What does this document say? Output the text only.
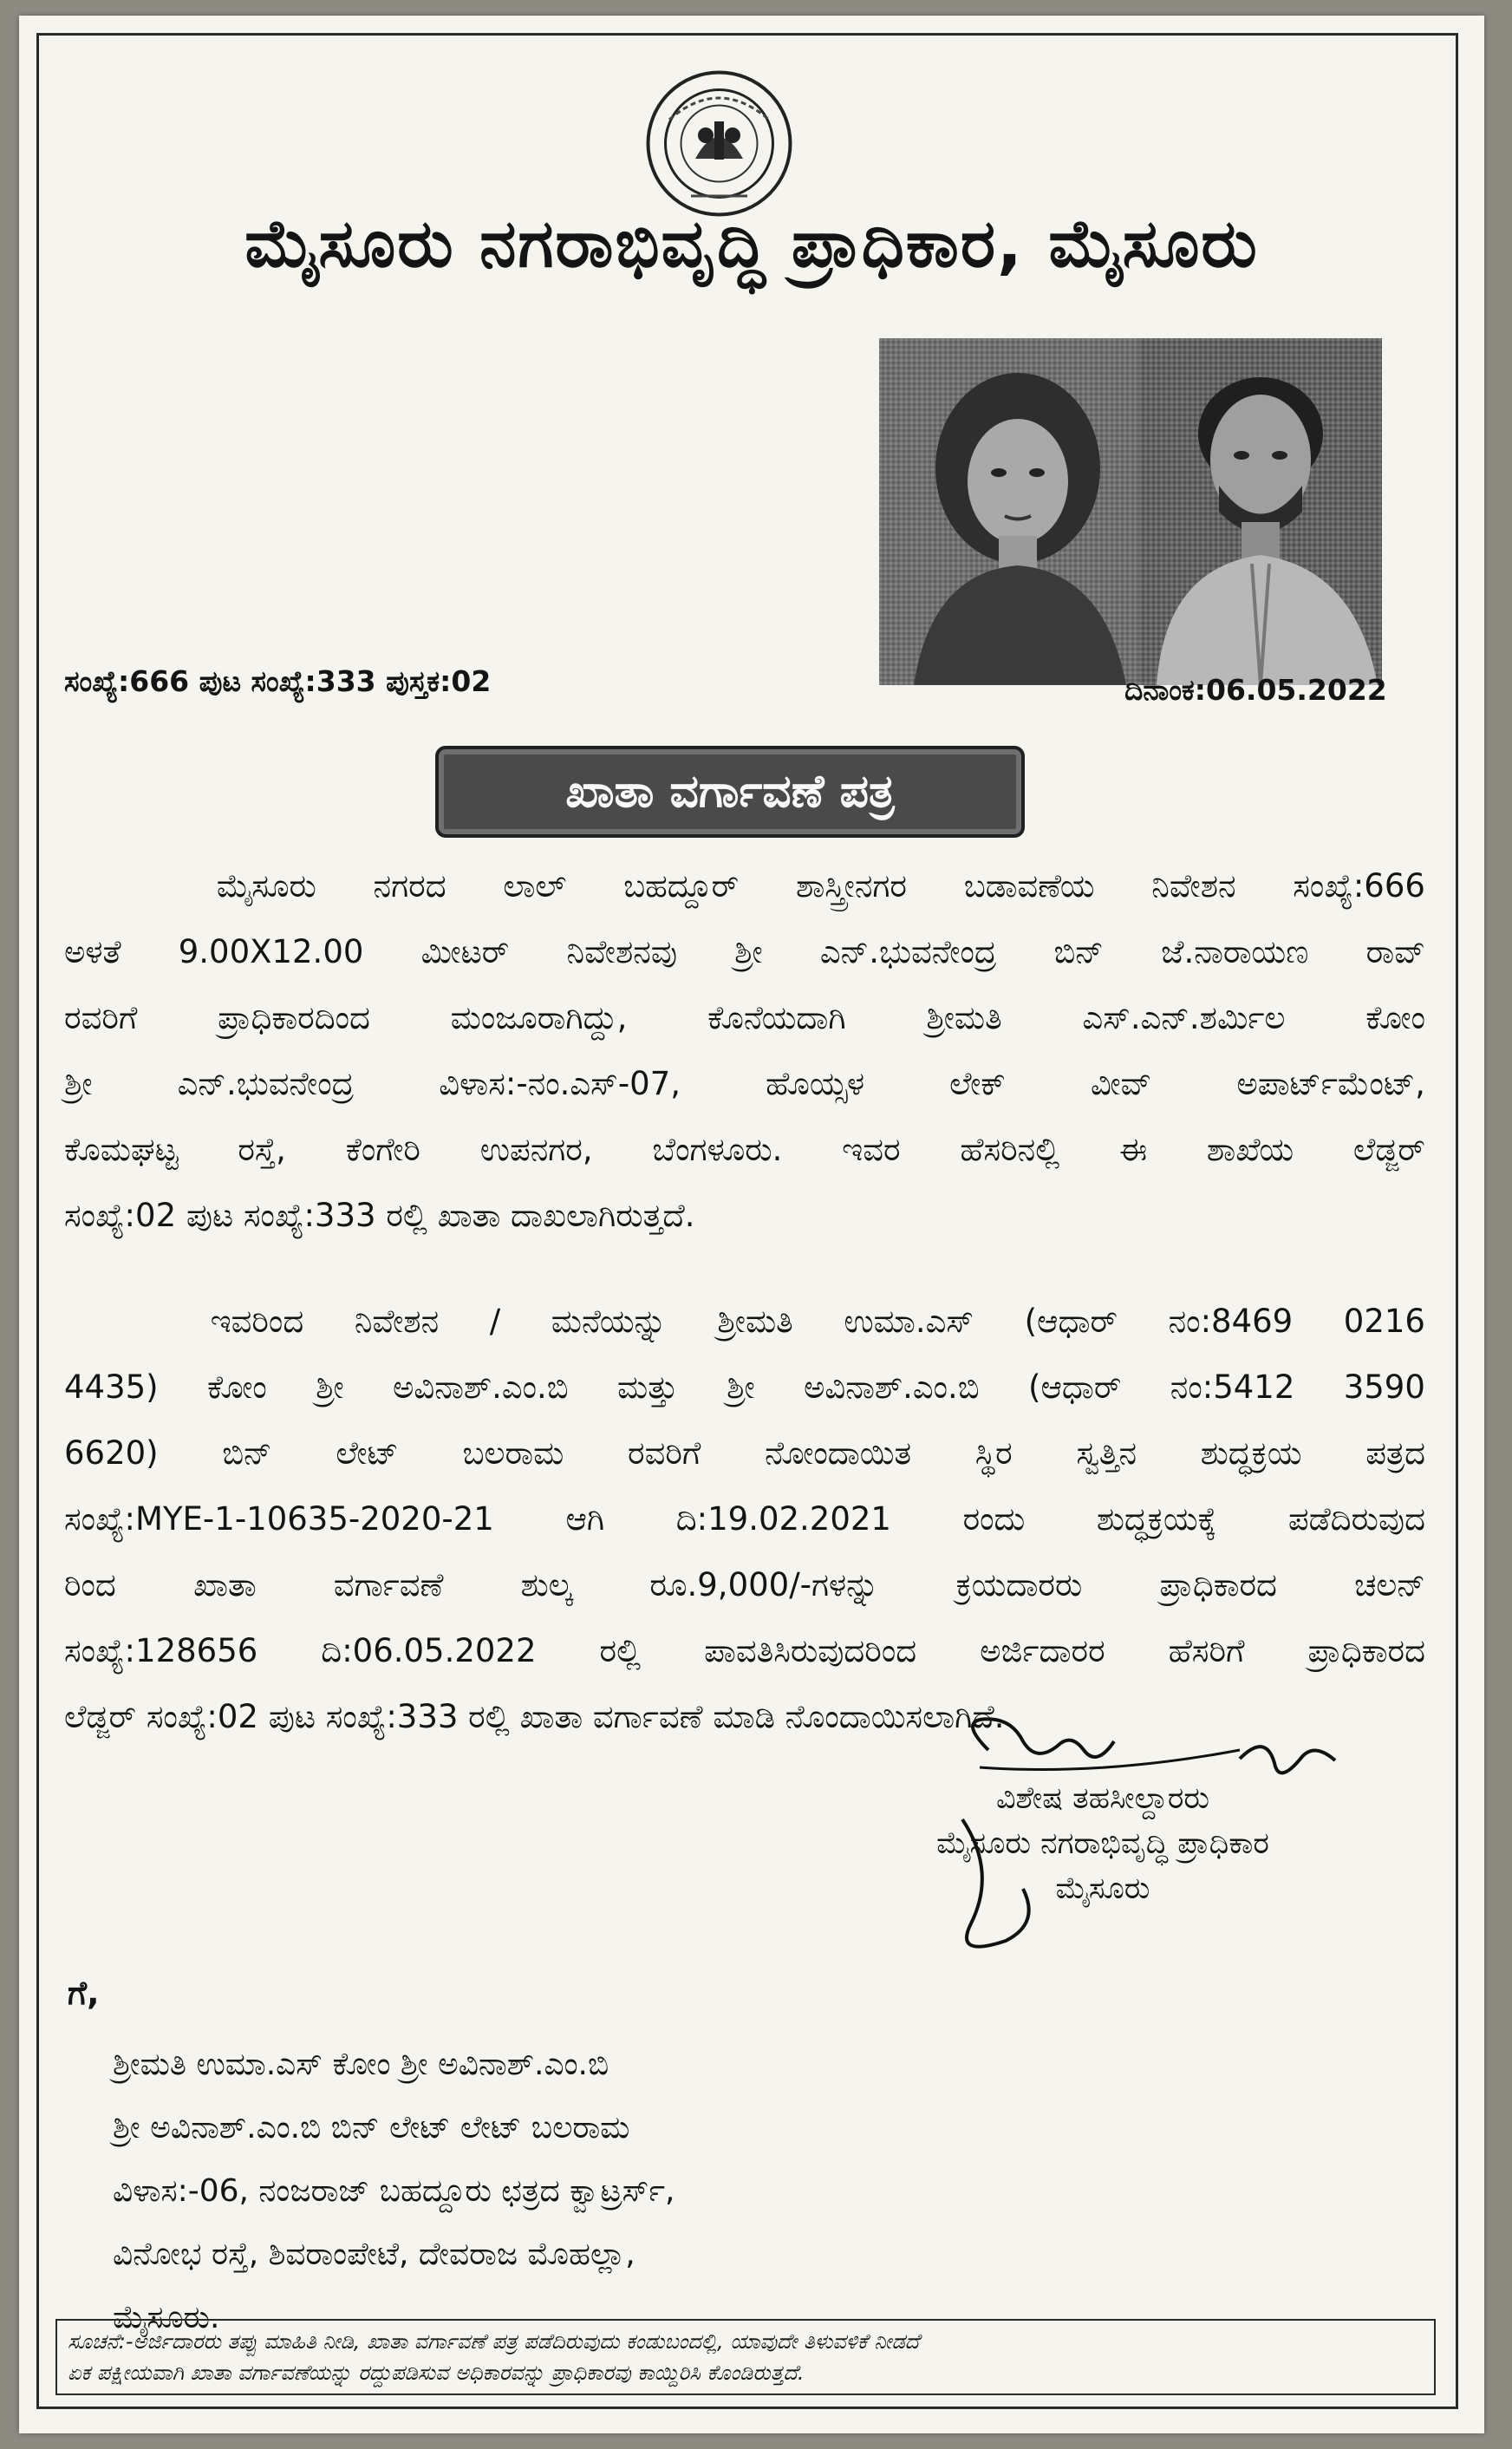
ಮೈಸೂರು ನಗರಾಭಿವೃದ್ಧಿ ಪ್ರಾಧಿಕಾರ, ಮೈಸೂರು
ಸಂಖ್ಯೆ:666 ಪುಟ ಸಂಖ್ಯೆ:333 ಪುಸ್ತಕ:02	ದಿನಾಂಕ:06.05.2022
ಖಾತಾ ವರ್ಗಾವಣೆ ಪತ್ರ
ಮೈಸೂರು ನಗರದ ಲಾಲ್ ಬಹದ್ದೂರ್ ಶಾಸ್ತ್ರೀನಗರ ಬಡಾವಣೆಯ ನಿವೇಶನ ಸಂಖ್ಯೆ:666
ಅಳತೆ 9.00X12.00 ಮೀಟರ್ ನಿವೇಶನವು ಶ್ರೀ ಎನ್.ಭುವನೇಂದ್ರ ಬಿನ್ ಜೆ.ನಾರಾಯಣ ರಾವ್
ರವರಿಗೆ	ಪ್ರಾಧಿಕಾರದಿಂದ	ಮಂಜೂರಾಗಿದ್ದು,	ಕೊನೆಯದಾಗಿ	ಶ್ರೀಮತಿ	ಎಸ್.ಎನ್.ಶರ್ಮಿಲ	ಕೋಂ
ಶ್ರೀ	ಎನ್.ಭುವನೇಂದ್ರ	ವಿಳಾಸ:-ನಂ.ಎಸ್-07,	ಹೊಯ್ಸಳ	ಲೇಕ್	ವೀವ್	ಅಪಾರ್ಟ್‌ಮೆಂಟ್,
ಕೊಮಘಟ್ಟ ರಸ್ತೆ, ಕೆಂಗೇರಿ ಉಪನಗರ, ಬೆಂಗಳೂರು. ಇವರ ಹೆಸರಿನಲ್ಲಿ ಈ ಶಾಖೆಯ ಲೆಡ್ಜರ್
ಸಂಖ್ಯೆ:02 ಪುಟ ಸಂಖ್ಯೆ:333 ರಲ್ಲಿ ಖಾತಾ ದಾಖಲಾಗಿರುತ್ತದೆ.
ಇವರಿಂದ ನಿವೇಶನ / ಮನೆಯನ್ನು ಶ್ರೀಮತಿ ಉಮಾ.ಎಸ್ (ಆಧಾರ್ ನಂ:8469 0216
4435) ಕೋಂ ಶ್ರೀ ಅವಿನಾಶ್.ಎಂ.ಬಿ ಮತ್ತು ಶ್ರೀ ಅವಿನಾಶ್.ಎಂ.ಬಿ (ಆಧಾರ್ ನಂ:5412 3590
6620) ಬಿನ್ ಲೇಟ್ ಬಲರಾಮ ರವರಿಗೆ ನೋಂದಾಯಿತ ಸ್ಥಿರ ಸ್ವತ್ತಿನ ಶುದ್ಧಕ್ರಯ ಪತ್ರದ
ಸಂಖ್ಯೆ:MYE-1-10635-2020-21 ಆಗಿ ದಿ:19.02.2021 ರಂದು ಶುದ್ಧಕ್ರಯಕ್ಕೆ ಪಡೆದಿರುವುದ
ರಿಂದ ಖಾತಾ ವರ್ಗಾವಣೆ ಶುಲ್ಕ ರೂ.9,000/-ಗಳನ್ನು ಕ್ರಯದಾರರು ಪ್ರಾಧಿಕಾರದ ಚಲನ್
ಸಂಖ್ಯೆ:128656 ದಿ:06.05.2022 ರಲ್ಲಿ ಪಾವತಿಸಿರುವುದರಿಂದ ಅರ್ಜಿದಾರರ ಹೆಸರಿಗೆ ಪ್ರಾಧಿಕಾರದ
ಲೆಡ್ಜರ್ ಸಂಖ್ಯೆ:02 ಪುಟ ಸಂಖ್ಯೆ:333 ರಲ್ಲಿ ಖಾತಾ ವರ್ಗಾವಣೆ ಮಾಡಿ ನೊಂದಾಯಿಸಲಾಗಿದೆ.
ವಿಶೇಷ ತಹಸೀಲ್ದಾರರು
ಮೈಸೂರು ನಗರಾಭಿವೃದ್ಧಿ ಪ್ರಾಧಿಕಾರ
ಮೈಸೂರು
ಗೆ,
ಶ್ರೀಮತಿ ಉಮಾ.ಎಸ್ ಕೋಂ ಶ್ರೀ ಅವಿನಾಶ್.ಎಂ.ಬಿ
ಶ್ರೀ ಅವಿನಾಶ್.ಎಂ.ಬಿ ಬಿನ್ ಲೇಟ್ ಲೇಟ್ ಬಲರಾಮ
ವಿಳಾಸ:-06, ನಂಜರಾಜ್ ಬಹದ್ದೂರು ಛತ್ರದ ಕ್ವಾಟ್ರರ್ಸ್,
ವಿನೋಭ ರಸ್ತೆ, ಶಿವರಾಂಪೇಟೆ, ದೇವರಾಜ ಮೊಹಲ್ಲಾ,
ಮೈಸೂರು.
ಸೂಚನೆ:-ಅರ್ಜಿದಾರರು ತಪ್ಪು ಮಾಹಿತಿ ನೀಡಿ, ಖಾತಾ ವರ್ಗಾವಣೆ ಪತ್ರ ಪಡೆದಿರುವುದು ಕಂಡುಬಂದಲ್ಲಿ, ಯಾವುದೇ ತಿಳುವಳಿಕೆ ನೀಡದೆ
ಏಕ ಪಕ್ಷೀಯವಾಗಿ ಖಾತಾ ವರ್ಗಾವಣೆಯನ್ನು ರದ್ದುಪಡಿಸುವ ಅಧಿಕಾರವನ್ನು ಪ್ರಾಧಿಕಾರವು ಕಾಯ್ದಿರಿಸಿ ಕೊಂಡಿರುತ್ತದೆ.
